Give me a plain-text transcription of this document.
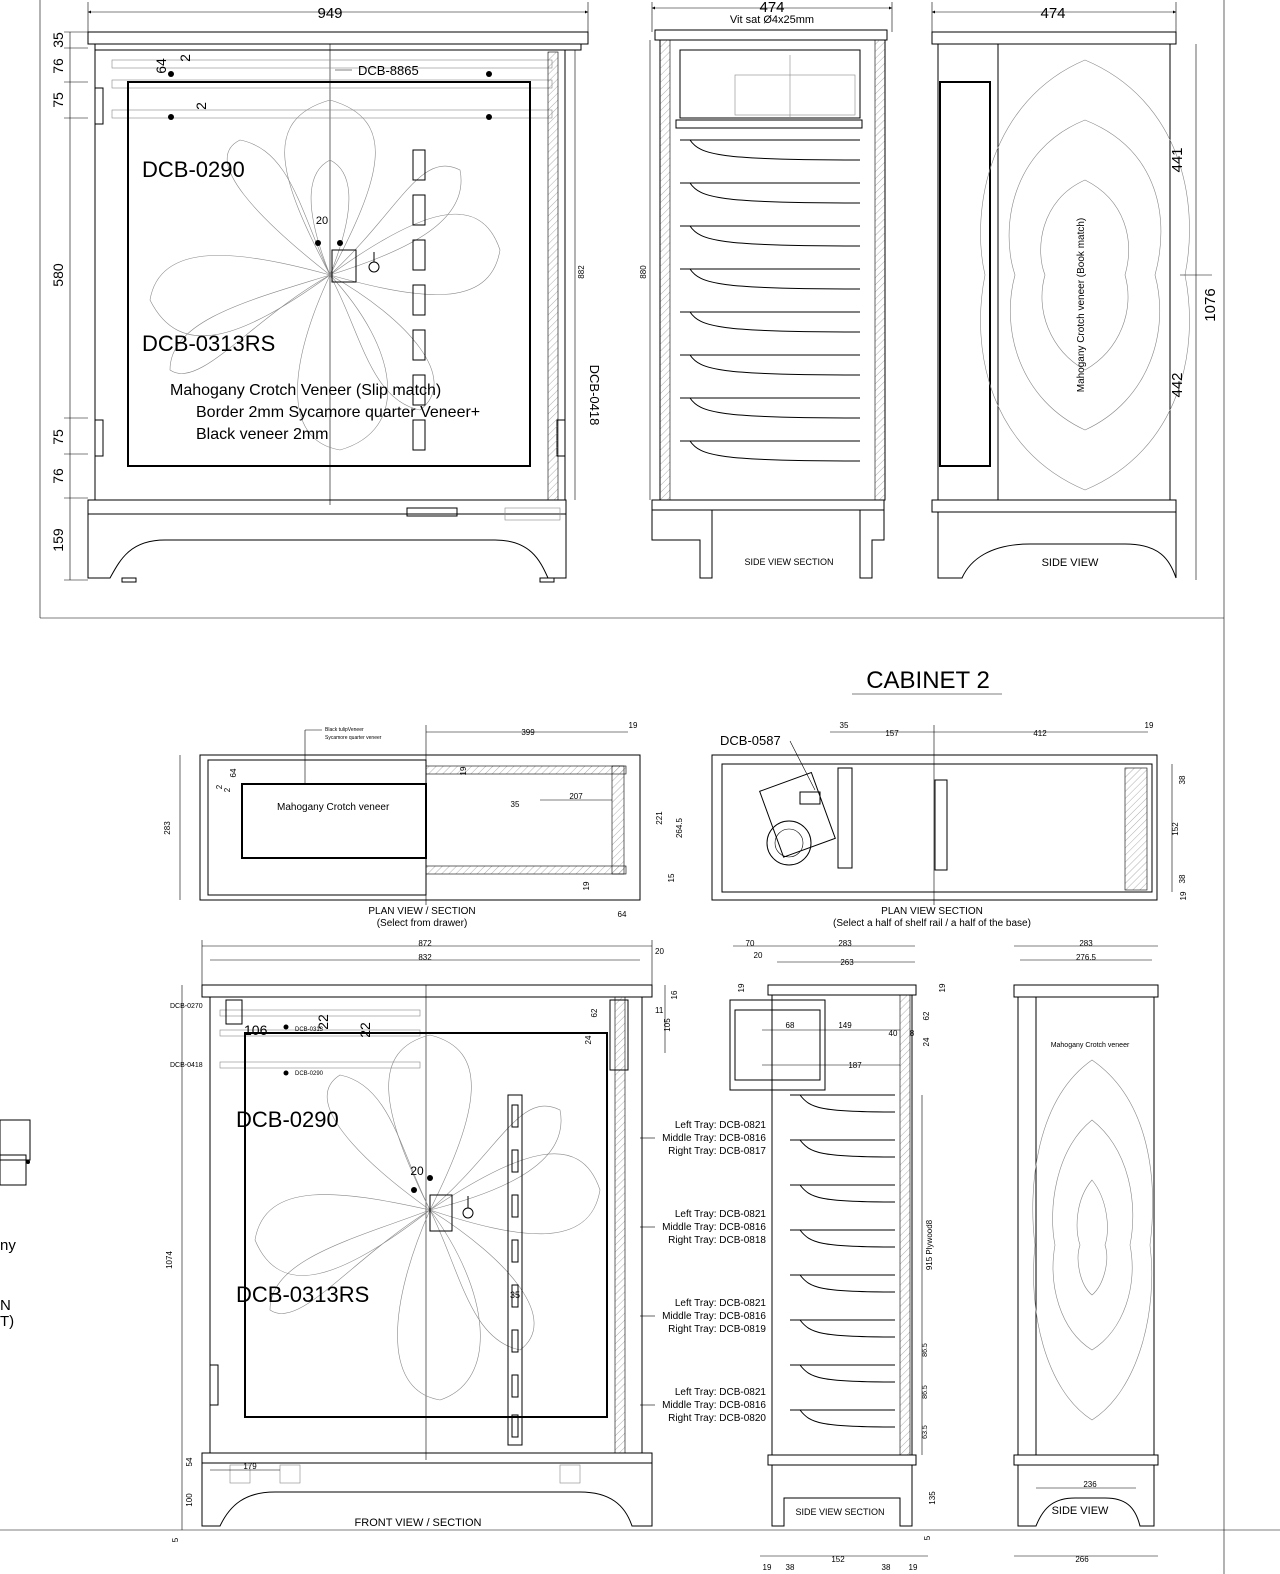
949
35
76
75
580
75
76
159
64
2
2
20
882
DCB-8865
DCB-0290
DCB-0313RS
DCB-0418
Mahogany Crotch Veneer (Slip match)
Border 2mm Sycamore quarter Veneer+
Black veneer 2mm
474
Vit sat Ø4x25mm
880
SIDE VIEW SECTION
474
Mahogany Crotch veneer (Book match)
441
442
1076
SIDE VIEW
CABINET 2
399
19
64
2
2
19
35
207
283
221 264.5
15
19
64
Black tulipVeneer
Sycamore quarter veneer
Mahogany Crotch veneer
PLAN VIEW / SECTION
(Select from drawer)
DCB-0587
35
157	412
19
38
152
38
19
PLAN VIEW SECTION
(Select a half of shelf rail / a half of the base)
872
832
20
1074
54	179
100
5
16
11
105
62
24
106	22
22
20
35
DCB-0270
DCB-0418
DCB-0313
DCB-0290
DCB-0290
DCB-0313RS
FRONT VIEW / SECTION
Left Tray: DCB-0821
Middle Tray: DCB-0816
Right Tray: DCB-0817
Left Tray: DCB-0821
Middle Tray: DCB-0816
Right Tray: DCB-0818
Left Tray: DCB-0821
Middle Tray: DCB-0816
Right Tray: DCB-0819
Left Tray: DCB-0821
Middle Tray: DCB-0816
Right Tray: DCB-0820
70	283
20
263
19	19
68	149
40 8
187
62
24
915 Plywood8
86.5
86.5
63.5
135
5
SIDE VIEW SECTION
19 38
152
38 19
283
276.5
Mahogany Crotch veneer
236
SIDE VIEW
266
ny
N
T)
